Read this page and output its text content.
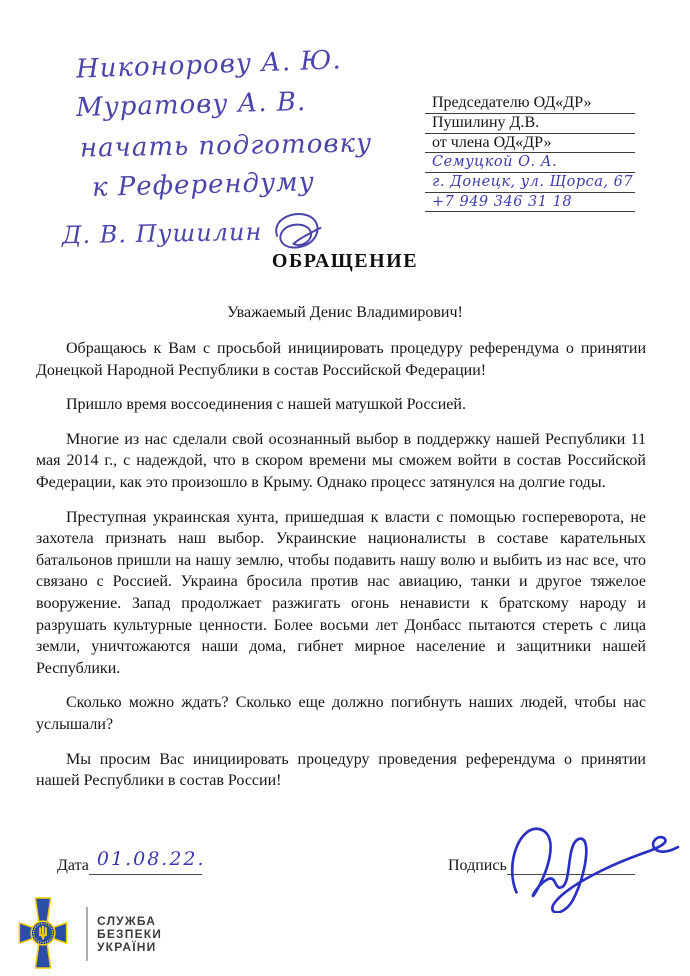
Никонорову А. Ю.
Муратову А. В.
начать подготовку
к Референдуму
Д. В. Пушилин
Председателю ОД«ДР»
Пушилину Д.В.
от члена ОД«ДР»
Семуцкой О. А.
г. Донецк, ул. Щорса, 67
+7 949 346 31 18
ОБРАЩЕНИЕ
Уважаемый Денис Владимирович!

Обращаюсь к Вам с просьбой инициировать процедуру референдума о принятии Донецкой Народной Республики в состав Российской Федерации!

Пришло время воссоединения с нашей матушкой Россией.

Многие из нас сделали свой осознанный выбор в поддержку нашей Республики 11 мая 2014 г., с надеждой, что в скором времени мы сможем войти в состав Российской Федерации, как это произошло в Крыму. Однако процесс затянулся на долгие годы.

Преступная украинская хунта, пришедшая к власти с помощью госпереворота, не захотела признать наш выбор. Украинские националисты в составе карательных батальонов пришли на нашу землю, чтобы подавить нашу волю и выбить из нас все, что связано с Россией. Украина бросила против нас авиацию, танки и другое тяжелое вооружение. Запад продолжает разжигать огонь ненависти к братскому народу и разрушать культурные ценности. Более восьми лет Донбасс пытаются стереть с лица земли, уничтожаются наши дома, гибнет мирное население и защитники нашей Республики.

Сколько можно ждать? Сколько еще должно погибнуть наших людей, чтобы нас услышали?

Мы просим Вас инициировать процедуру проведения референдума о принятии нашей Республики в состав России!

Дата 01.08.22.	Подпись
СЛУЖБА
БЕЗПЕКИ
УКРАЇНИ
